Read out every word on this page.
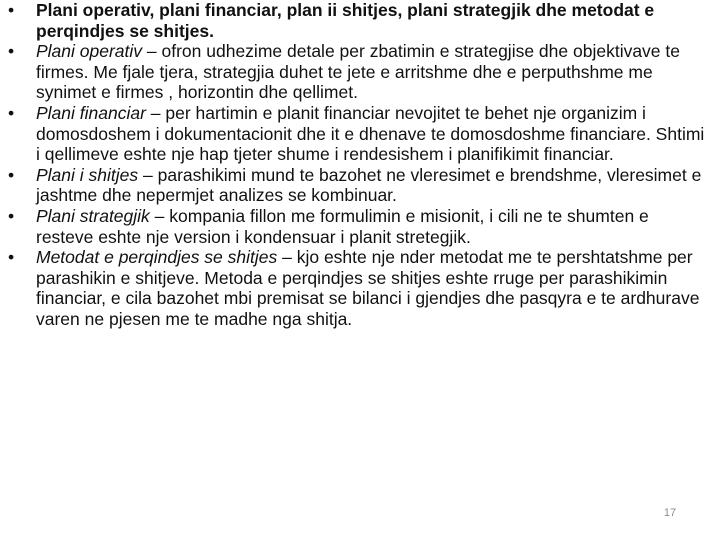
•	Plani operativ, plani financiar, plan ii shitjes, plani strategjik dhe metodat e perqindjes se shitjes.
•	Plani operativ – ofron udhezime detale per zbatimin e strategjise dhe objektivave te firmes. Me fjale tjera, strategjia duhet te jete e arritshme dhe e perputhshme me synimet e firmes , horizontin dhe qellimet.
•	Plani financiar – per hartimin e planit financiar nevojitet te behet nje organizim i domosdoshem i dokumentacionit dhe it e dhenave te domosdoshme financiare. Shtimi i qellimeve eshte nje hap tjeter shume i rendesishem i planifikimit financiar.
•	Plani i shitjes – parashikimi mund te bazohet ne vleresimet e brendshme, vleresimet e jashtme dhe nepermjet analizes se kombinuar.
•	Plani strategjik – kompania fillon me formulimin e misionit, i cili ne te shumten e resteve eshte nje version i kondensuar i planit stretegjik.
•	Metodat e perqindjes se shitjes – kjo eshte nje nder metodat me te pershtatshme per parashikin e shitjeve. Metoda e perqindjes se shitjes eshte rruge per parashikimin financiar, e cila bazohet mbi premisat se bilanci i gjendjes dhe pasqyra e te ardhurave varen ne pjesen me te madhe nga shitja.
17
